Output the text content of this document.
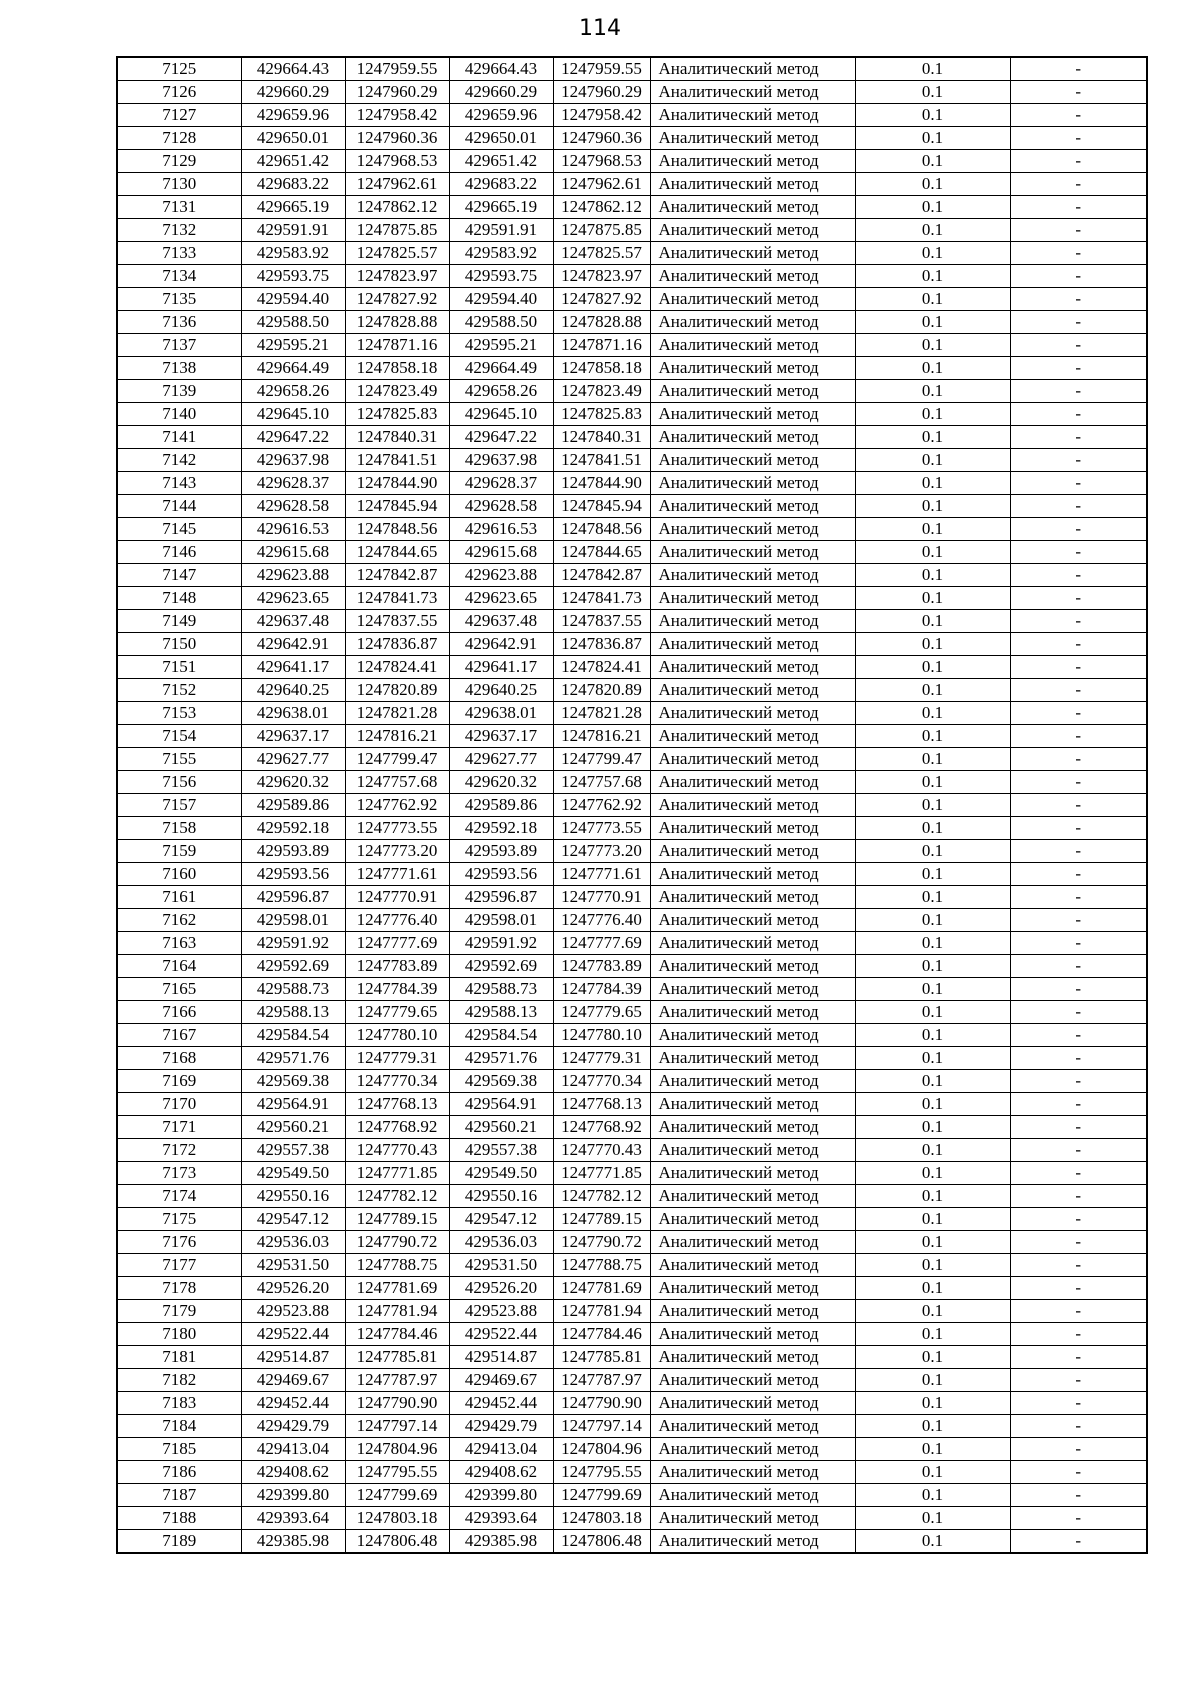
114
7125	429664.43	1247959.55	429664.43	1247959.55	Аналитический метод	0.1	-
7126	429660.29	1247960.29	429660.29	1247960.29	Аналитический метод	0.1	-
7127	429659.96	1247958.42	429659.96	1247958.42	Аналитический метод	0.1	-
7128	429650.01	1247960.36	429650.01	1247960.36	Аналитический метод	0.1	-
7129	429651.42	1247968.53	429651.42	1247968.53	Аналитический метод	0.1	-
7130	429683.22	1247962.61	429683.22	1247962.61	Аналитический метод	0.1	-
7131	429665.19	1247862.12	429665.19	1247862.12	Аналитический метод	0.1	-
7132	429591.91	1247875.85	429591.91	1247875.85	Аналитический метод	0.1	-
7133	429583.92	1247825.57	429583.92	1247825.57	Аналитический метод	0.1	-
7134	429593.75	1247823.97	429593.75	1247823.97	Аналитический метод	0.1	-
7135	429594.40	1247827.92	429594.40	1247827.92	Аналитический метод	0.1	-
7136	429588.50	1247828.88	429588.50	1247828.88	Аналитический метод	0.1	-
7137	429595.21	1247871.16	429595.21	1247871.16	Аналитический метод	0.1	-
7138	429664.49	1247858.18	429664.49	1247858.18	Аналитический метод	0.1	-
7139	429658.26	1247823.49	429658.26	1247823.49	Аналитический метод	0.1	-
7140	429645.10	1247825.83	429645.10	1247825.83	Аналитический метод	0.1	-
7141	429647.22	1247840.31	429647.22	1247840.31	Аналитический метод	0.1	-
7142	429637.98	1247841.51	429637.98	1247841.51	Аналитический метод	0.1	-
7143	429628.37	1247844.90	429628.37	1247844.90	Аналитический метод	0.1	-
7144	429628.58	1247845.94	429628.58	1247845.94	Аналитический метод	0.1	-
7145	429616.53	1247848.56	429616.53	1247848.56	Аналитический метод	0.1	-
7146	429615.68	1247844.65	429615.68	1247844.65	Аналитический метод	0.1	-
7147	429623.88	1247842.87	429623.88	1247842.87	Аналитический метод	0.1	-
7148	429623.65	1247841.73	429623.65	1247841.73	Аналитический метод	0.1	-
7149	429637.48	1247837.55	429637.48	1247837.55	Аналитический метод	0.1	-
7150	429642.91	1247836.87	429642.91	1247836.87	Аналитический метод	0.1	-
7151	429641.17	1247824.41	429641.17	1247824.41	Аналитический метод	0.1	-
7152	429640.25	1247820.89	429640.25	1247820.89	Аналитический метод	0.1	-
7153	429638.01	1247821.28	429638.01	1247821.28	Аналитический метод	0.1	-
7154	429637.17	1247816.21	429637.17	1247816.21	Аналитический метод	0.1	-
7155	429627.77	1247799.47	429627.77	1247799.47	Аналитический метод	0.1	-
7156	429620.32	1247757.68	429620.32	1247757.68	Аналитический метод	0.1	-
7157	429589.86	1247762.92	429589.86	1247762.92	Аналитический метод	0.1	-
7158	429592.18	1247773.55	429592.18	1247773.55	Аналитический метод	0.1	-
7159	429593.89	1247773.20	429593.89	1247773.20	Аналитический метод	0.1	-
7160	429593.56	1247771.61	429593.56	1247771.61	Аналитический метод	0.1	-
7161	429596.87	1247770.91	429596.87	1247770.91	Аналитический метод	0.1	-
7162	429598.01	1247776.40	429598.01	1247776.40	Аналитический метод	0.1	-
7163	429591.92	1247777.69	429591.92	1247777.69	Аналитический метод	0.1	-
7164	429592.69	1247783.89	429592.69	1247783.89	Аналитический метод	0.1	-
7165	429588.73	1247784.39	429588.73	1247784.39	Аналитический метод	0.1	-
7166	429588.13	1247779.65	429588.13	1247779.65	Аналитический метод	0.1	-
7167	429584.54	1247780.10	429584.54	1247780.10	Аналитический метод	0.1	-
7168	429571.76	1247779.31	429571.76	1247779.31	Аналитический метод	0.1	-
7169	429569.38	1247770.34	429569.38	1247770.34	Аналитический метод	0.1	-
7170	429564.91	1247768.13	429564.91	1247768.13	Аналитический метод	0.1	-
7171	429560.21	1247768.92	429560.21	1247768.92	Аналитический метод	0.1	-
7172	429557.38	1247770.43	429557.38	1247770.43	Аналитический метод	0.1	-
7173	429549.50	1247771.85	429549.50	1247771.85	Аналитический метод	0.1	-
7174	429550.16	1247782.12	429550.16	1247782.12	Аналитический метод	0.1	-
7175	429547.12	1247789.15	429547.12	1247789.15	Аналитический метод	0.1	-
7176	429536.03	1247790.72	429536.03	1247790.72	Аналитический метод	0.1	-
7177	429531.50	1247788.75	429531.50	1247788.75	Аналитический метод	0.1	-
7178	429526.20	1247781.69	429526.20	1247781.69	Аналитический метод	0.1	-
7179	429523.88	1247781.94	429523.88	1247781.94	Аналитический метод	0.1	-
7180	429522.44	1247784.46	429522.44	1247784.46	Аналитический метод	0.1	-
7181	429514.87	1247785.81	429514.87	1247785.81	Аналитический метод	0.1	-
7182	429469.67	1247787.97	429469.67	1247787.97	Аналитический метод	0.1	-
7183	429452.44	1247790.90	429452.44	1247790.90	Аналитический метод	0.1	-
7184	429429.79	1247797.14	429429.79	1247797.14	Аналитический метод	0.1	-
7185	429413.04	1247804.96	429413.04	1247804.96	Аналитический метод	0.1	-
7186	429408.62	1247795.55	429408.62	1247795.55	Аналитический метод	0.1	-
7187	429399.80	1247799.69	429399.80	1247799.69	Аналитический метод	0.1	-
7188	429393.64	1247803.18	429393.64	1247803.18	Аналитический метод	0.1	-
7189	429385.98	1247806.48	429385.98	1247806.48	Аналитический метод	0.1	-
